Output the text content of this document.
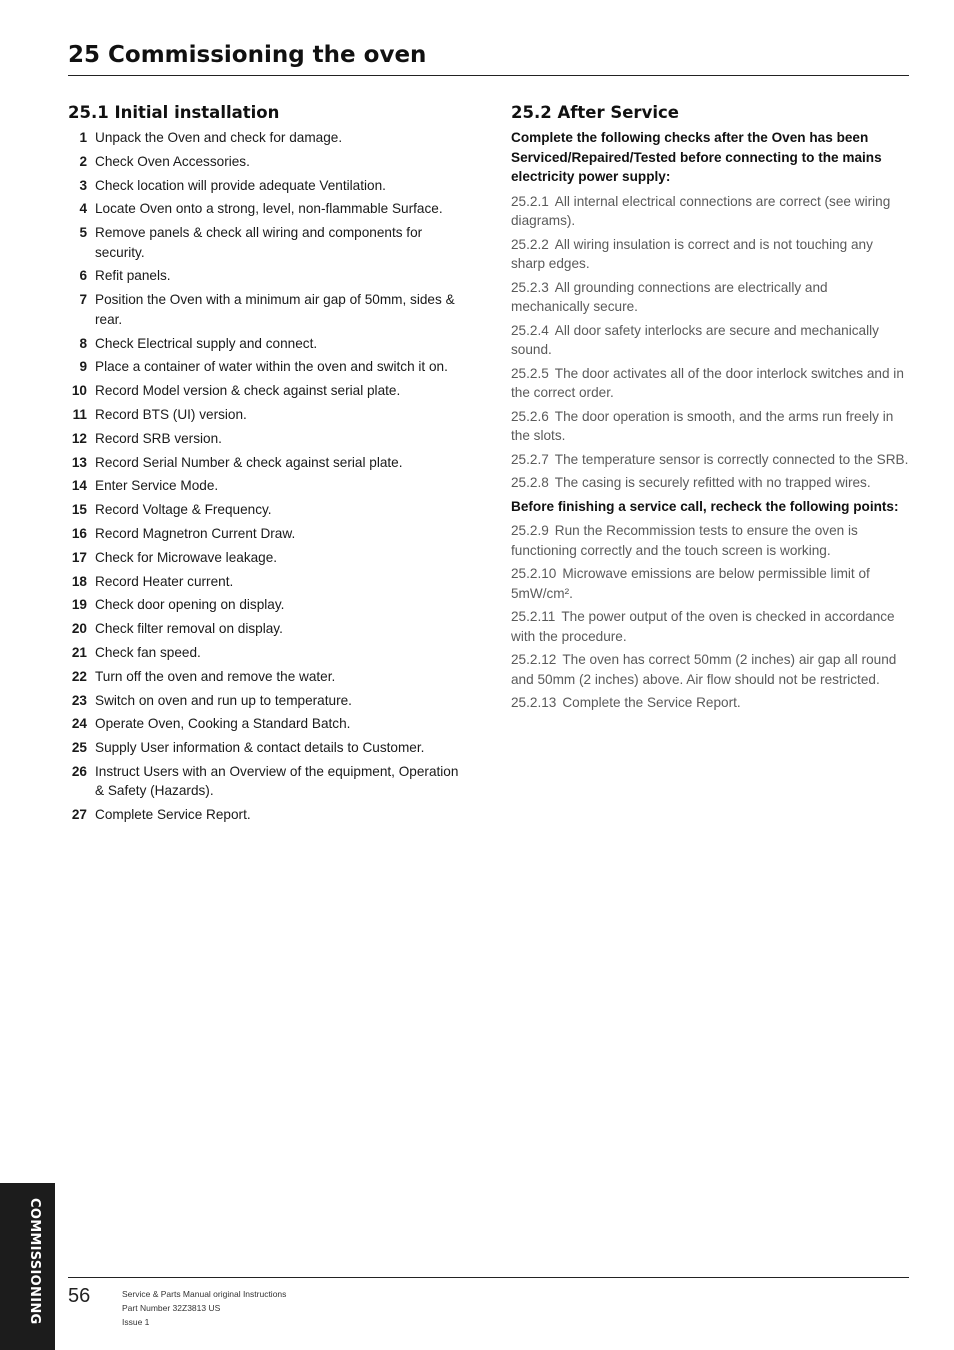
25 Commissioning the oven
25.1 Initial installation
1 Unpack the Oven and check for damage.
2 Check Oven Accessories.
3 Check location will provide adequate Ventilation.
4 Locate Oven onto a strong, level, non-flammable Surface.
5 Remove panels & check all wiring and components for security.
6 Refit panels.
7 Position the Oven with a minimum air gap of 50mm, sides & rear.
8 Check Electrical supply and connect.
9 Place a container of water within the oven and switch it on.
10 Record Model version & check against serial plate.
11 Record BTS (UI) version.
12 Record SRB version.
13 Record Serial Number & check against serial plate.
14 Enter Service Mode.
15 Record Voltage & Frequency.
16 Record Magnetron Current Draw.
17 Check for Microwave leakage.
18 Record Heater current.
19 Check door opening on display.
20 Check filter removal on display.
21 Check fan speed.
22 Turn off the oven and remove the water.
23 Switch on oven and run up to temperature.
24 Operate Oven, Cooking a Standard Batch.
25 Supply User information & contact details to Customer.
26 Instruct Users with an Overview of the equipment, Operation & Safety (Hazards).
27 Complete Service Report.
25.2 After Service

Complete the following checks after the Oven has been Serviced/Repaired/Tested before connecting to the mains electricity power supply:

25.2.1 All internal electrical connections are correct (see wiring diagrams).

25.2.2 All wiring insulation is correct and is not touching any sharp edges.

25.2.3 All grounding connections are electrically and mechanically secure.

25.2.4 All door safety interlocks are secure and mechanically sound.

25.2.5 The door activates all of the door interlock switches and in the correct order.

25.2.6 The door operation is smooth, and the arms run freely in the slots.

25.2.7 The temperature sensor is correctly connected to the SRB.

25.2.8 The casing is securely refitted with no trapped wires.

Before finishing a service call, recheck the following points:

25.2.9 Run the Recommission tests to ensure the oven is functioning correctly and the touch screen is working.

25.2.10 Microwave emissions are below permissible limit of 5mW/cm².

25.2.11 The power output of the oven is checked in accordance with the procedure.

25.2.12 The oven has correct 50mm (2 inches) air gap all round and 50mm (2 inches) above. Air flow should not be restricted.

25.2.13 Complete the Service Report.

COMMISSIONING 56	Service & Parts Manual original Instructions
Part Number 32Z3813 US
Issue 1
